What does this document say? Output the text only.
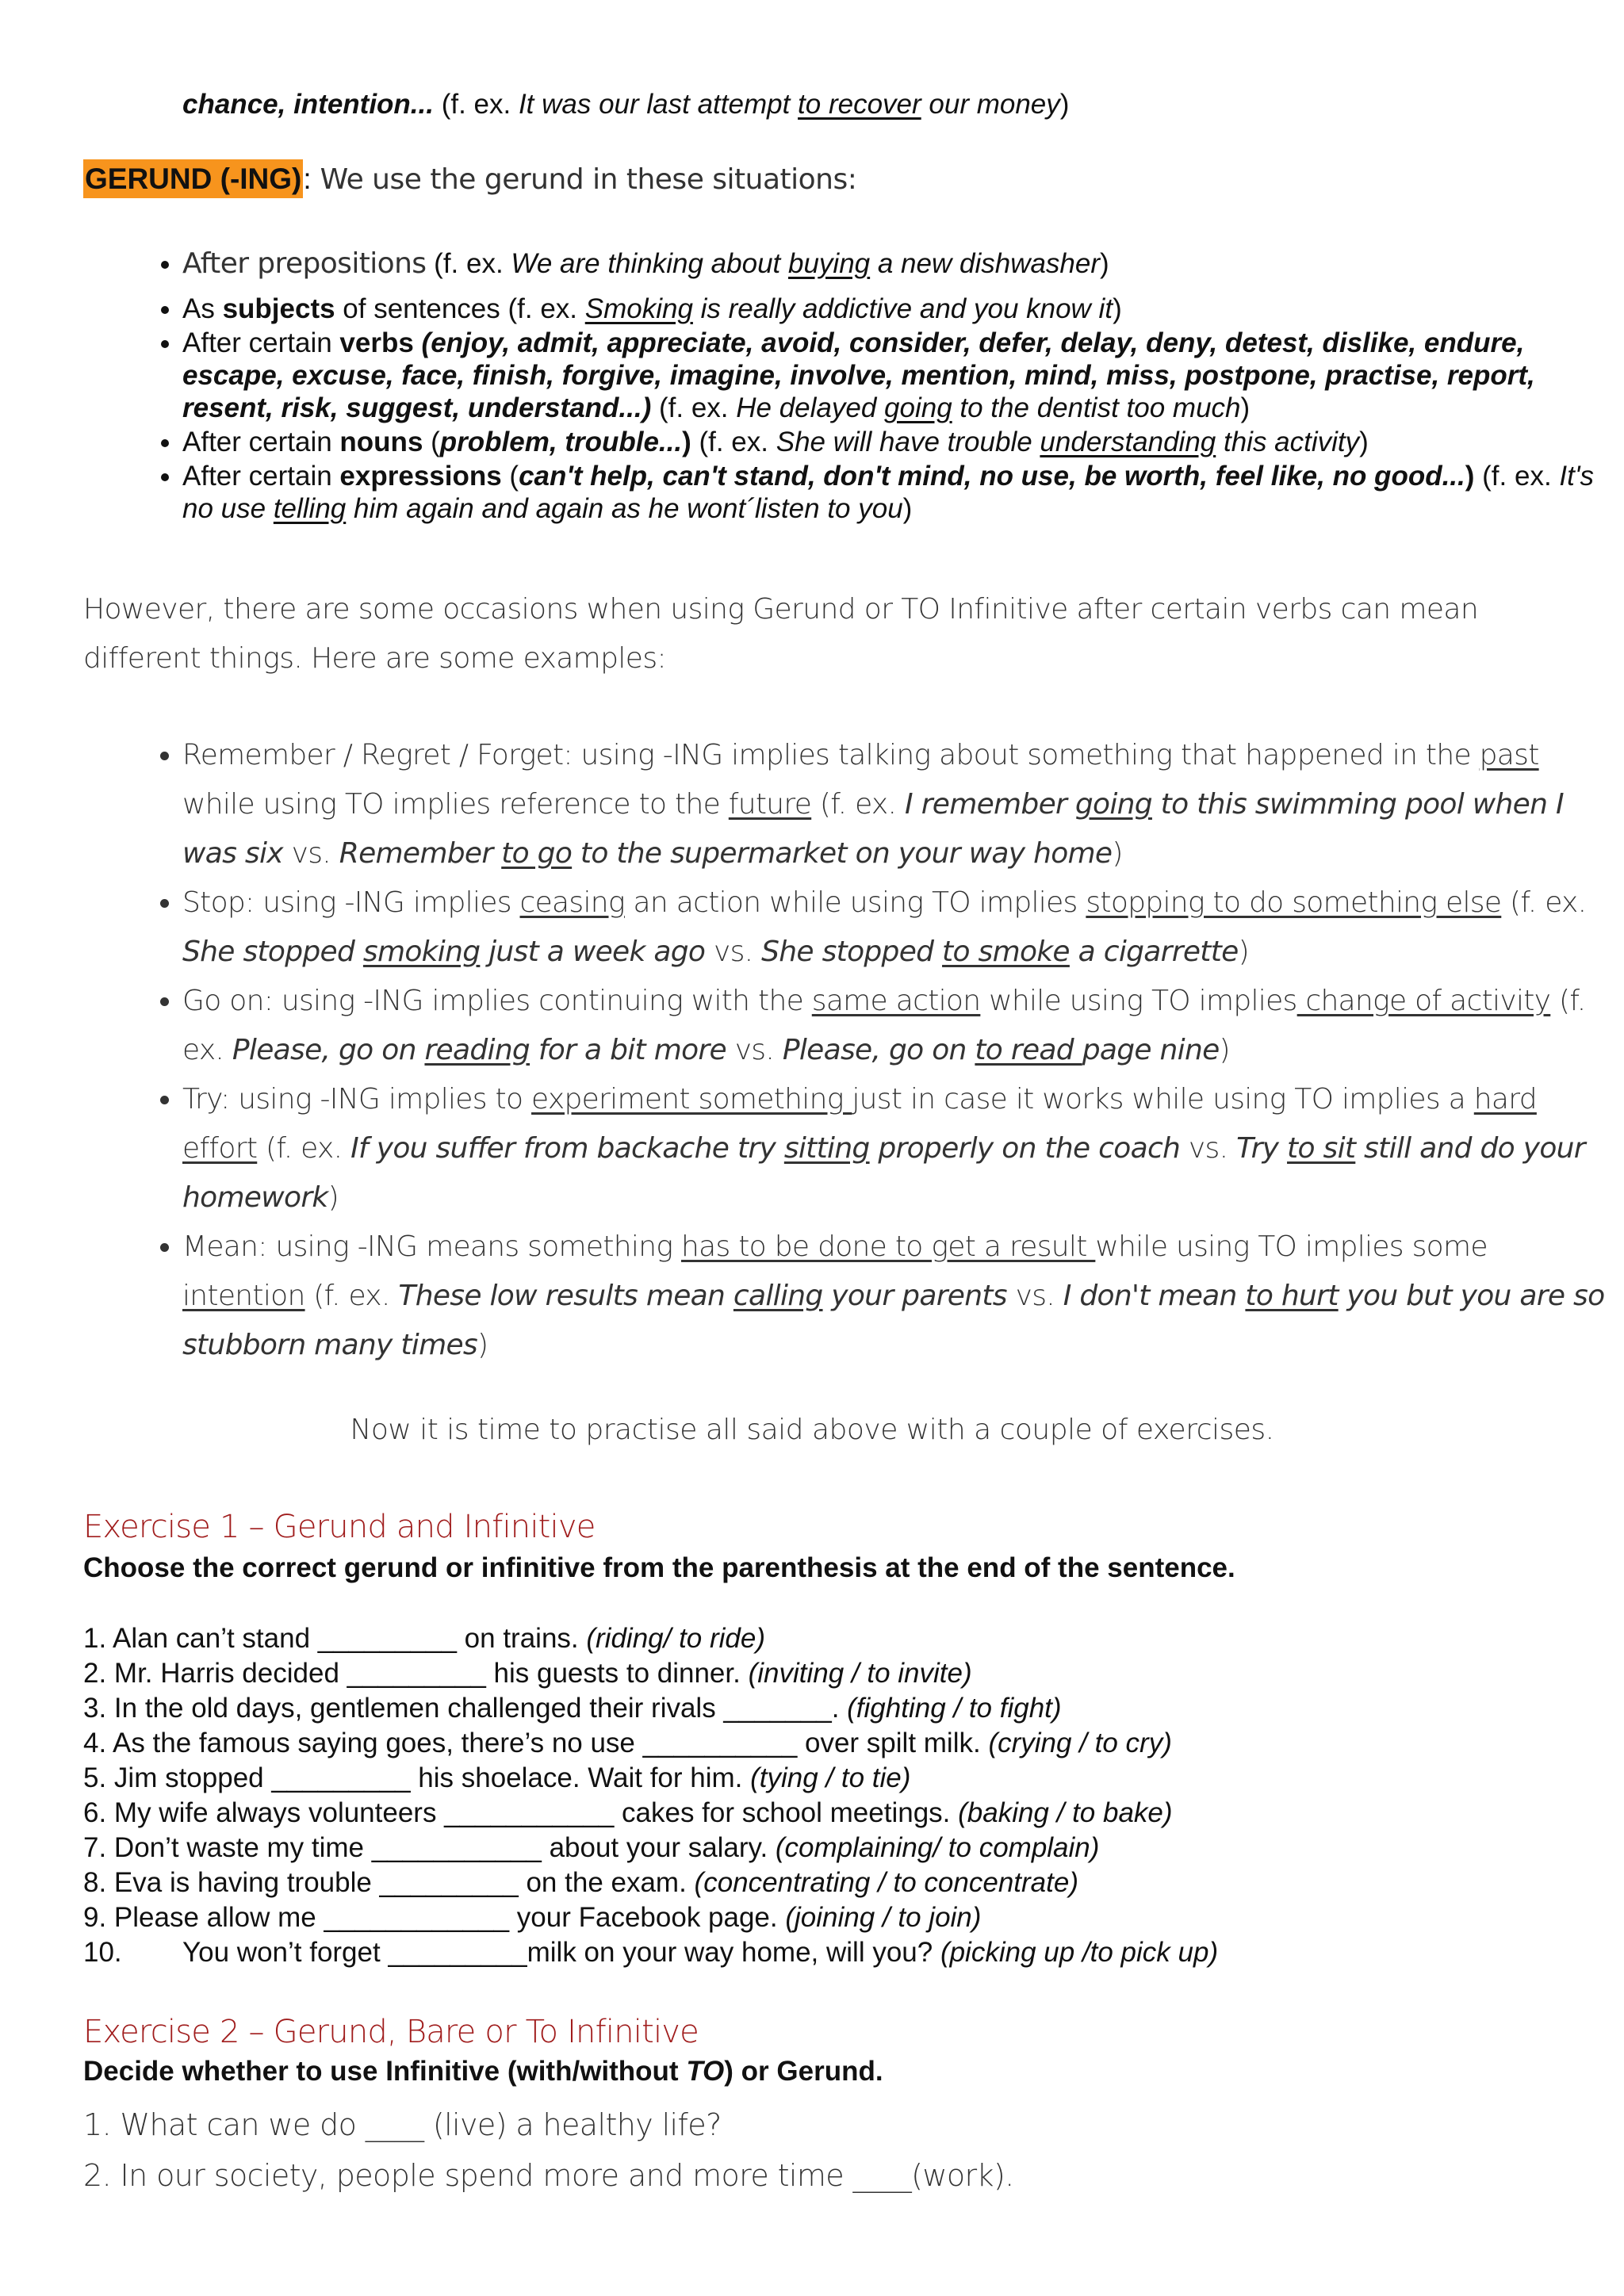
chance, intention... (f. ex. It was our last attempt to recover our money)
GERUND (-ING): We use the gerund in these situations:
• After prepositions (f. ex. We are thinking about buying a new dishwasher)
• As subjects of sentences (f. ex. Smoking is really addictive and you know it)
• After certain verbs (enjoy, admit, appreciate, avoid, consider, defer, delay, deny, detest, dislike, endure, escape, excuse, face, finish, forgive, imagine, involve, mention, mind, miss, postpone, practise, report, resent, risk, suggest, understand...) (f. ex. He delayed going to the dentist too much)
• After certain nouns (problem, trouble...) (f. ex. She will have trouble understanding this activity)
• After certain expressions (can't help, can't stand, don't mind, no use, be worth, feel like, no good...) (f. ex. It's no use telling him again and again as he wont´listen to you)
However, there are some occasions when using Gerund or TO Infinitive after certain verbs can mean different things. Here are some examples:
• Remember / Regret / Forget: using -ING implies talking about something that happened in the past while using TO implies reference to the future (f. ex. I remember going to this swimming pool when I was six vs. Remember to go to the supermarket on your way home)
• Stop: using -ING implies ceasing an action while using TO implies stopping to do something else (f. ex. She stopped smoking just a week ago vs. She stopped to smoke a cigarrette)
• Go on: using -ING implies continuing with the same action while using TO implies change of activity (f. ex. Please, go on reading for a bit more vs. Please, go on to read page nine)
• Try: using -ING implies to experiment something just in case it works while using TO implies a hard effort (f. ex. If you suffer from backache try sitting properly on the coach vs. Try to sit still and do your homework)
• Mean: using -ING means something has to be done to get a result while using TO implies some intention (f. ex. These low results mean calling your parents vs. I don't mean to hurt you but you are so stubborn many times)
Now it is time to practise all said above with a couple of exercises.
Exercise 1 – Gerund and Infinitive
Choose the correct gerund or infinitive from the parenthesis at the end of the sentence.
1. Alan can’t stand _________ on trains. (riding/ to ride)
2. Mr. Harris decided _________ his guests to dinner. (inviting / to invite)
3. In the old days, gentlemen challenged their rivals _______. (fighting / to fight)
4. As the famous saying goes, there’s no use __________ over spilt milk. (crying / to cry)
5. Jim stopped _________ his shoelace. Wait for him. (tying / to tie)
6. My wife always volunteers ___________ cakes for school meetings. (baking / to bake)
7. Don’t waste my time ___________ about your salary. (complaining/ to complain)
8. Eva is having trouble _________ on the exam. (concentrating / to concentrate)
9. Please allow me ____________ your Facebook page. (joining / to join)
10. You won’t forget _________milk on your way home, will you? (picking up /to pick up)
Exercise 2 – Gerund, Bare or To Infinitive
Decide whether to use Infinitive (with/without TO) or Gerund.
1. What can we do ____ (live) a healthy life?
2. In our society, people spend more and more time ____(work).
